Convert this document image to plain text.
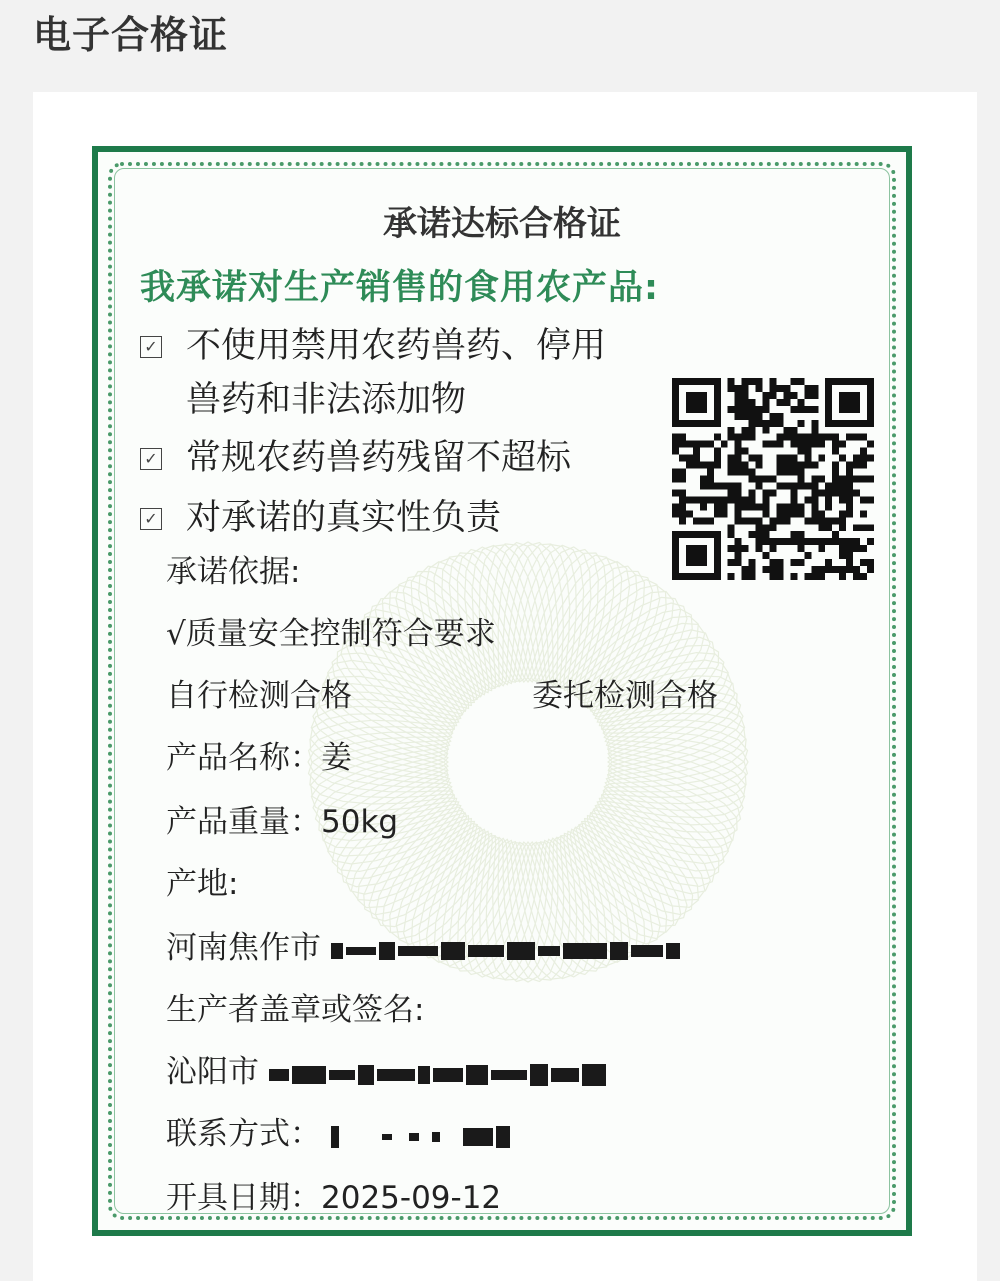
电子合格证
承诺达标合格证
我承诺对生产销售的食用农产品:
✓ 不使用禁用农药兽药、停用
兽药和非法添加物
✓ 常规农药兽药残留不超标
✓ 对承诺的真实性负责
承诺依据:
√质量安全控制符合要求
自行检测合格	委托检测合格
产品名称：姜
产品重量：50kg
产地:
河南焦作市
生产者盖章或签名:
沁阳市
联系方式：
开具日期：2025-09-12
